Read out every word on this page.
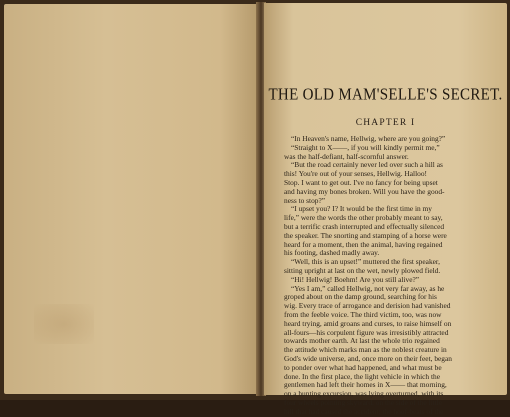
THE OLD MAM'SELLE'S SECRET.
CHAPTER I
“In Heaven's name, Hellwig, where are you going?”
“Straight to X——, if you will kindly permit me,”
was the half-defiant, half-scornful answer.
“But the road certainly never led over such a hill as
this! You're out of your senses, Hellwig. Halloo!
Stop. I want to get out. I've no fancy for being upset
and having my bones broken. Will you have the good-
ness to stop?”
“I upset you? I? It would be the first time in my
life,” were the words the other probably meant to say,
but a terrific crash interrupted and effectually silenced
the speaker. The snorting and stamping of a horse were
heard for a moment, then the animal, having regained
his footing, dashed madly away.
“Well, this is an upset!” muttered the first speaker,
sitting upright at last on the wet, newly plowed field.
“Hi! Hellwig! Boehm! Are you still alive?”
“Yes I am,” called Hellwig, not very far away, as he
groped about on the damp ground, searching for his
wig. Every trace of arrogance and derision had vanished
from the feeble voice. The third victim, too, was now
heard trying, amid groans and curses, to raise himself on
all-fours—his corpulent figure was irresistibly attracted
towards mother earth. At last the whole trio regained
the attitude which marks man as the noblest creature in
God's wide universe, and, once more on their feet, began
to ponder over what had happened, and what must be
done. In the first place, the light vehicle in which the
gentlemen had left their homes in X—— that morning,
on a hunting excursion, was lying overturned, with its
four wheels pointing skyward, on the side of the little
hill that had caused the accident; the hoof-beats of the
